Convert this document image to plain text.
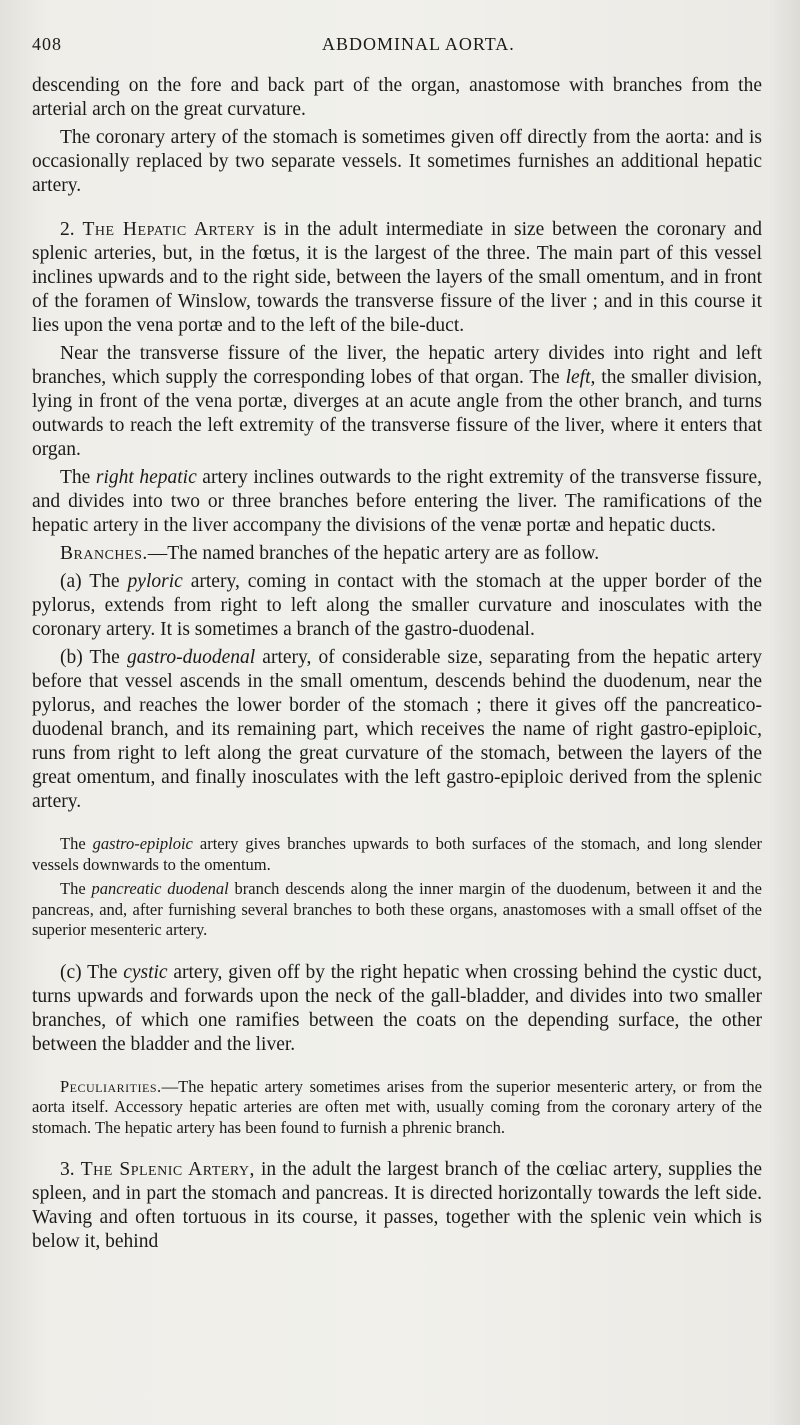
408	ABDOMINAL AORTA.

descending on the fore and back part of the organ, anastomose with branches from the arterial arch on the great curvature.

The coronary artery of the stomach is sometimes given off directly from the aorta: and is occasionally replaced by two separate vessels. It sometimes furnishes an additional hepatic artery.

2. The Hepatic Artery is in the adult intermediate in size between the coronary and splenic arteries, but, in the fœtus, it is the largest of the three. The main part of this vessel inclines upwards and to the right side, between the layers of the small omentum, and in front of the foramen of Winslow, towards the transverse fissure of the liver ; and in this course it lies upon the vena portæ and to the left of the bile-duct.

Near the transverse fissure of the liver, the hepatic artery divides into right and left branches, which supply the corresponding lobes of that organ. The left, the smaller division, lying in front of the vena portæ, diverges at an acute angle from the other branch, and turns outwards to reach the left extremity of the transverse fissure of the liver, where it enters that organ.

The right hepatic artery inclines outwards to the right extremity of the transverse fissure, and divides into two or three branches before entering the liver. The ramifications of the hepatic artery in the liver accompany the divisions of the venæ portæ and hepatic ducts.

Branches.—The named branches of the hepatic artery are as follow.

(a) The pyloric artery, coming in contact with the stomach at the upper border of the pylorus, extends from right to left along the smaller curvature and inosculates with the coronary artery. It is sometimes a branch of the gastro-duodenal.

(b) The gastro-duodenal artery, of considerable size, separating from the hepatic artery before that vessel ascends in the small omentum, descends behind the duodenum, near the pylorus, and reaches the lower border of the stomach ; there it gives off the pancreatico-duodenal branch, and its remaining part, which receives the name of right gastro-epiploic, runs from right to left along the great curvature of the stomach, between the layers of the great omentum, and finally inosculates with the left gastro-epiploic derived from the splenic artery.

The gastro-epiploic artery gives branches upwards to both surfaces of the stomach, and long slender vessels downwards to the omentum.

The pancreatic duodenal branch descends along the inner margin of the duodenum, between it and the pancreas, and, after furnishing several branches to both these organs, anastomoses with a small offset of the superior mesenteric artery.

(c) The cystic artery, given off by the right hepatic when crossing behind the cystic duct, turns upwards and forwards upon the neck of the gall-bladder, and divides into two smaller branches, of which one ramifies between the coats on the depending surface, the other between the bladder and the liver.

Peculiarities.—The hepatic artery sometimes arises from the superior mesenteric artery, or from the aorta itself. Accessory hepatic arteries are often met with, usually coming from the coronary artery of the stomach. The hepatic artery has been found to furnish a phrenic branch.

3. The Splenic Artery, in the adult the largest branch of the cœliac artery, supplies the spleen, and in part the stomach and pancreas. It is directed horizontally towards the left side. Waving and often tortuous in its course, it passes, together with the splenic vein which is below it, behind
